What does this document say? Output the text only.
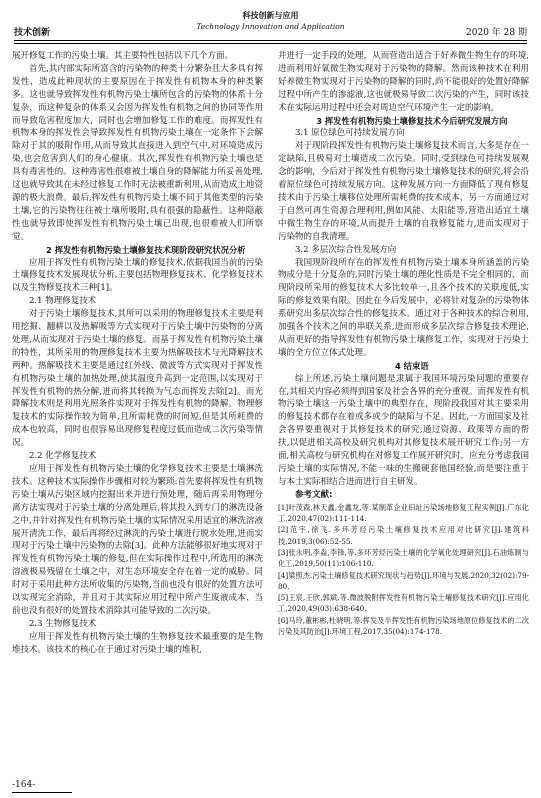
技术创新
科技创新与应用
Technology Innovation and Application
2020 年 28 期

展开修复工作的污染土壤。其主要特性包括以下几个方面。

首先,其内部实际所富含的污染物的种类十分繁杂且大多具有挥发性，造成此种现状的主要原因在于挥发性有机物本身的种类繁多。这也就导致挥发性有机物污染土壤所包含的污染物的体系十分复杂，而这种复杂的体系又会因为挥发性有机物之间的协同等作用而导致危害程度加大，同时也会增加修复工作的难度。而挥发性有机物本身的挥发性会导致挥发性有机物污染土壤在一定条件下会解除对于其的吸附作用,从而导致其直接进入到空气中,对环境造成污染,也会危害到人们的身心健康。其次,挥发性有机物污染土壤也是具有毒害性的。这种毒害性很难被土壤自身的降解能力所妥善处理,这也就导致其在未经过修复工作时无法被重新利用,从而造成土地资源的极大浪费。最后,挥发性有机物污染土壤不同于其他类型的污染土壤,它的污染物往往被土壤所吸附,具有很强的隐蔽性。这种隐蔽性也就导致即使挥发性有机物污染土壤已出现,也很难被人们所察觉。

2 挥发性有机物污染土壤修复技术现阶段研究状况分析

应用于挥发性有机物污染土壤的修复技术,依据我国当前的污染土壤修复技术发展现状分析,主要包括物理修复技术、化学修复技术以及生物修复技术三种[1]。

2.1 物理修复技术

对于污染土壤修复技术,其所可以采用的物理修复技术主要是利用挖掘、翻耕以及热解吸等方式实现对于污染土壤中污染物的分离处理,从而实现对于污染土壤的修复。而基于挥发性有机物污染土壤的特性，其所采用的物理修复技术主要为热解吸技术与光降解技术两种。热解吸技术主要是通过红外线、微波等方式实现对于挥发性有机物污染土壤的加热处理,使其温度升高到一定范围,以实现对于挥发性有机物的热分解,进而将其转换为气态而挥发去除[2]。而光降解技术则是利用光照条件实现对于挥发性有机物的降解。物理修复技术的实际操作较为简单,且所需耗费的时间短,但是其所耗费的成本也较高，同时也很容易出现修复程度过低而造成二次污染等情况。

2.2 化学修复技术

应用于挥发性有机物污染土壤的化学修复技术主要是土壤淋洗技术。这种技术实际操作步骤相对较为繁琐:首先要将挥发性有机物污染土壤从污染区域内挖掘出来并进行预处理，随后再采用物理分离方法实现对于污染土壤的分离处理后,将其投入到专门的淋洗设备之中,并针对挥发性有机物污染土壤的实际情况采用适宜的淋洗溶液展开清洗工作，最后再将经过淋洗的污染土壤进行脱水处理,进而实现对于污染土壤中污染物的去除[3]。此种方法能够很好地实现对于挥发性有机物污染土壤的修复,但在实际操作过程中,所选用的淋洗溶液极易残留在土壤之中，对生态环境安全存在着一定的威胁。同时对于采用此种方法所收集的污染物,当前也没有很好的处置方法可以实现完全消除，并且对于其实际应用过程中所产生废液成本、当前也没有很好的处置技术消除其可能导致的二次污染。

2.3 生物修复技术

应用于挥发性有机物污染土壤的生物修复技术最重要的是生物堆技术。该技术的核心在于通过对污染土壤的堆积,

并进行一定手段的处理，从而营造出适合于好养微生物生存的环境,进而利用好氧微生物实现对于污染物的降解。然而该种技术在利用好养微生物实现对于污染物的降解的同时,尚不能很好的处置好降解过程中所产生的渗滤液,这也就极易导致二次污染的产生，同时该技术在实际运用过程中还会对周边空气环境产生一定的影响。

3 挥发性有机物污染土壤修复技术今后研究发展方向

3.1 原位绿色可持续发展方向

对于现阶段挥发性有机物污染土壤修复技术而言,大多是存在一定缺陷,且极易对土壤造成二次污染。同时,受到绿色可持续发展观念的影响，今后对于挥发性有机物污染土壤修复技术的研究,将会沿着原位绿色可持续发展方向。这种发展方向一方面降低了现有修复技术由于污染土壤移位处理所需耗费的技术成本，另一方面通过对于自然可再生资源合理利用,例如风能、太阳能等,营造出适宜土壤中微生物生存的环境,从而提升土壤的自我修复能力,进而实现对于污染物的自我清理。

3.2 多层次综合性发展方向

我国现阶段所存在的挥发性有机物污染土壤本身所涵盖的污染物成分是十分复杂的,同时污染土壤的理化性质是不完全相同的，而现阶段所采用的修复技术大多比较单一,且各个技术的关联度低,实际的修复效果有限。因此在今后发展中，必将针对复杂的污染物体系研究出多层次综合性的修复技术。通过对于各种技术的综合利用,加强各个技术之间的串联关系,进而形成多层次综合修复技术理论,从而更好的指导挥发性有机物污染土壤修复工作，实现对于污染土壤的全方位立体式处理。

4 结束语

综上所述,污染土壤问题是隶属于我国环境污染问题的重要存在,其相关内容必须得到国家及社会各界的充分重视。而挥发性有机物污染土壤这一污染土壤中的典型存在，现阶段我国对其主要采用的修复技术都存在着或多或少的缺陷与不足。因此,一方面国家及社会各界要重视对于其修复技术的研究,通过资源、政策等方面的帮扶,以促进相关高校及研究机构对其修复技术展开研究工作;另一方面,相关高校与研究机构在对修复工作展开研究时，应充分考虑我国污染土壤的实际情况,不能一味的生搬硬套他国经验,而是要注重于与本土实际相结合进而进行自主研发。

参考文献:

[1]叶茂森,林天鑫,金鑫龙,等.某制革企业旧址污染场地修复工程实例[J].广东化工,2020,47(02):111-114.

[2]范宇,徐飞.多环芳烃污染土壤修复技术应用对比研究[J].建筑科技,2019,3(06):52-55.

[3]张永明,李淼,李锋,等.多环芳烃污染土壤的化学氧化处理研究[J].石油炼制与化工,2019,50(11):106-110.

[4]梁照杰.污染土壤修复技术研究现状与趋势[J].环境与发展,2020,32(02):79-80.

[5]王宸,王欣,郭斌,等.微波脱附挥发性有机物污染土壤修复技术研究[J].应用化工,2020,49(03):638-640.

[6]马玲,董彬彬,杜晓明,等.挥发及半挥发性有机物污染场地原位修复技术的二次污染及其防治[J].环境工程,2017,35(04):174-178.

-164-
